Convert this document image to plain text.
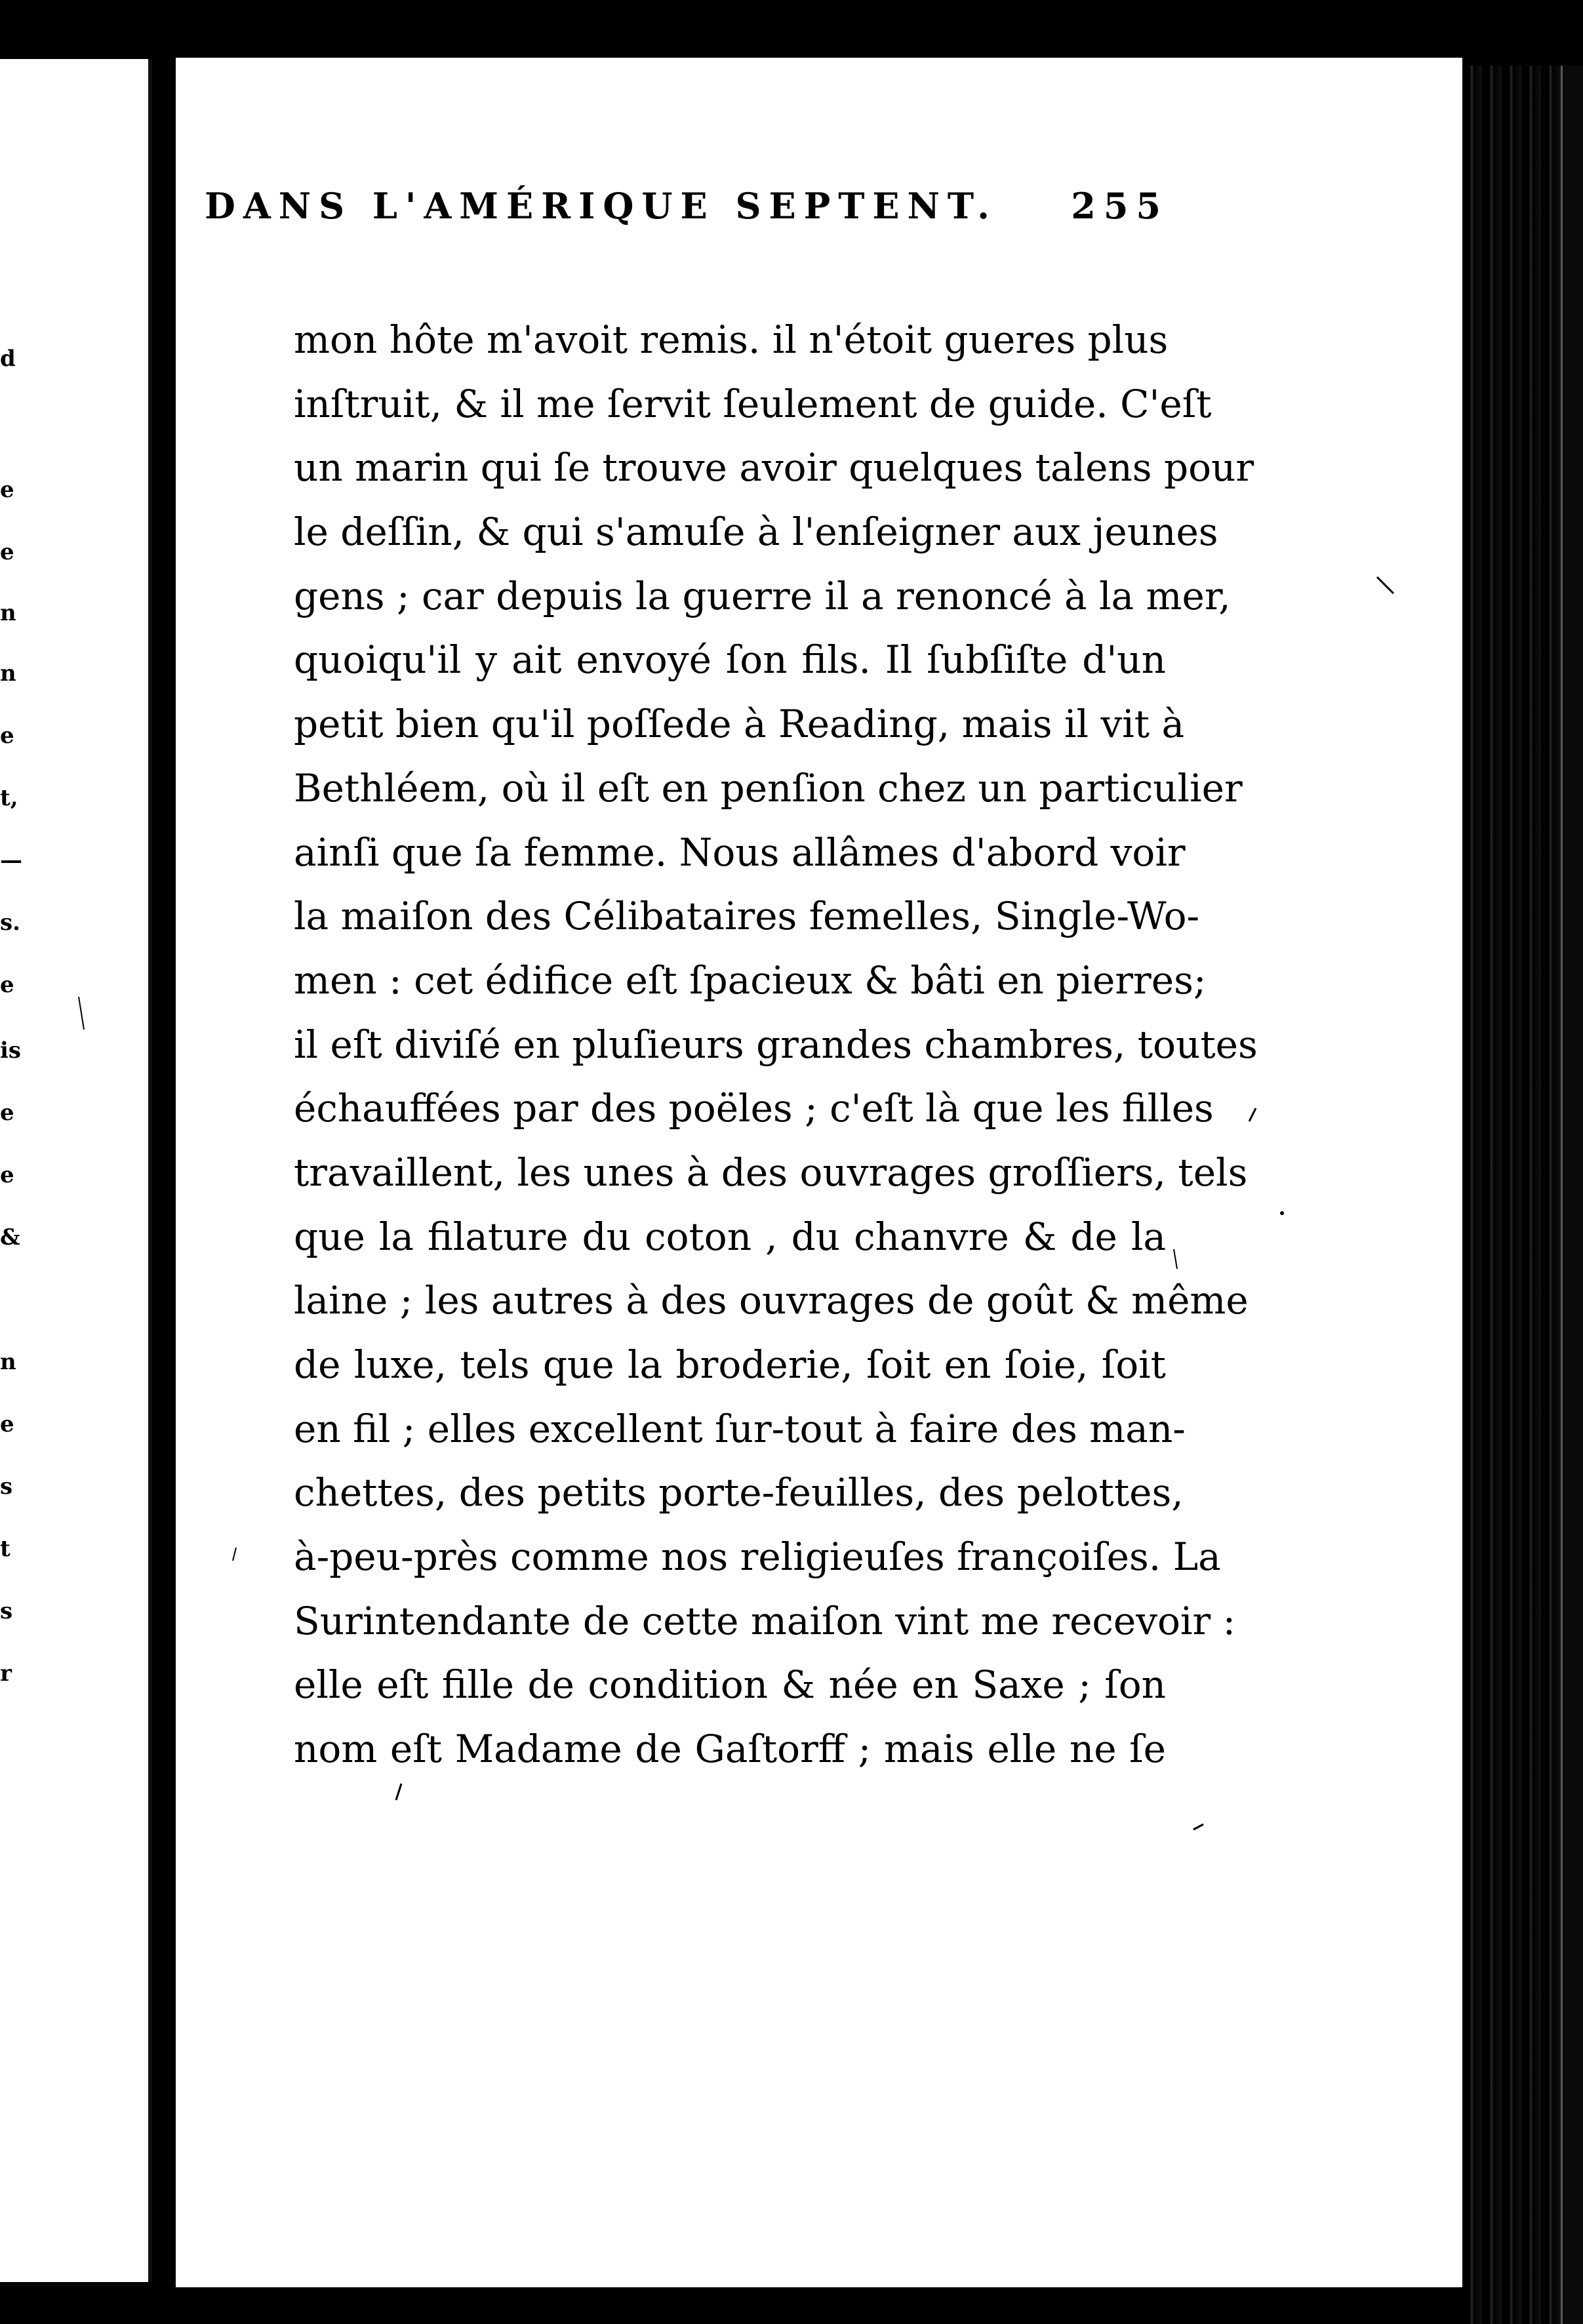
d
e
e
n
n
e
t,
—
s.
e
is
e
e
&
n
e
s
t
s
r
DANS L'AMÉRIQUE SEPTENT. 255
mon hôte m'avoit remis. il n'étoit gueres plus
inſtruit, & il me ſervit ſeulement de guide. C'eſt
un marin qui ſe trouve avoir quelques talens pour
le deſſin, & qui s'amuſe à l'enſeigner aux jeunes
gens ; car depuis la guerre il a renoncé à la mer,
quoiqu'il y ait envoyé ſon fils. Il ſubſiſte d'un
petit bien qu'il poſſede à Reading, mais il vit à
Bethléem, où il eſt en penſion chez un particulier
ainſi que ſa femme. Nous allâmes d'abord voir
la maiſon des Célibataires femelles, Single-Wo-
men : cet édifice eſt ſpacieux & bâti en pierres;
il eſt diviſé en pluſieurs grandes chambres, toutes
échauffées par des poëles ; c'eſt là que les filles
travaillent, les unes à des ouvrages groſſiers, tels
que la filature du coton , du chanvre & de la
laine ; les autres à des ouvrages de goût & même
de luxe, tels que la broderie, ſoit en ſoie, ſoit
en fil ; elles excellent ſur-tout à faire des man-
chettes, des petits porte-feuilles, des pelottes,
à-peu-près comme nos religieuſes françoiſes. La
Surintendante de cette maiſon vint me recevoir :
elle eſt fille de condition & née en Saxe ; ſon
nom eſt Madame de Gaſtorff ; mais elle ne ſe
